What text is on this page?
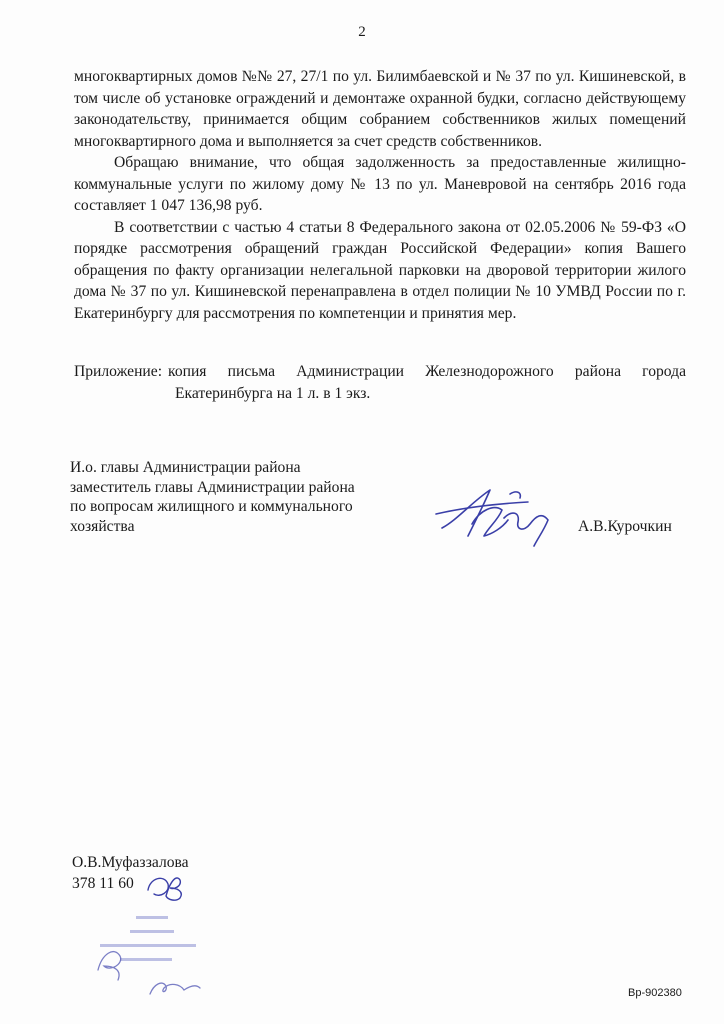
2

многоквартирных домов №№ 27, 27/1 по ул. Билимбаевской и № 37 по ул. Кишиневской, в том числе об установке ограждений и демонтаже охранной будки, согласно действующему законодательству, принимается общим собранием собственников жилых помещений многоквартирного дома и выполняется за счет средств собственников.

Обращаю внимание, что общая задолженность за предоставленные жилищно-коммунальные услуги по жилому дому № 13 по ул. Маневровой на сентябрь 2016 года составляет 1 047 136,98 руб.

В соответствии с частью 4 статьи 8 Федерального закона от 02.05.2006 № 59-ФЗ «О порядке рассмотрения обращений граждан Российской Федерации» копия Вашего обращения по факту организации нелегальной парковки на дворовой территории жилого дома № 37 по ул. Кишиневской перенаправлена в отдел полиции № 10 УМВД России по г. Екатеринбургу для рассмотрения по компетенции и принятия мер.

Приложение: копия письма Администрации Железнодорожного района города
Екатеринбурга на 1 л. в 1 экз.
И.о. главы Администрации района
заместитель главы Администрации района
по вопросам жилищного и коммунального
хозяйства	А.В.Курочкин
О.В.Муфаззалова
378 11 60
Вр-902380
